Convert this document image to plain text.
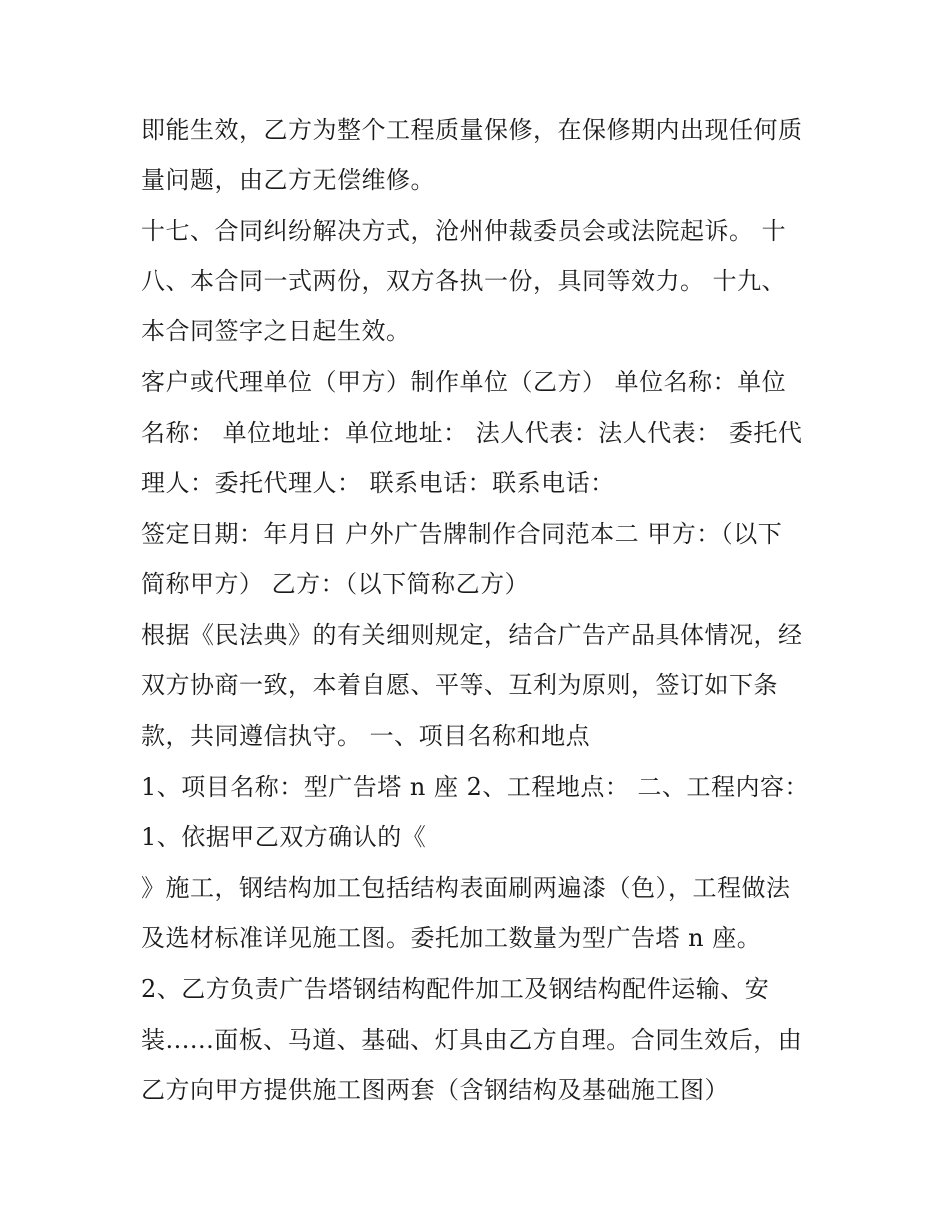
即能生效，乙方为整个工程质量保修，在保修期内出现任何质
量问题，由乙方无偿维修。
十七、合同纠纷解决方式，沧州仲裁委员会或法院起诉。 十
八、本合同一式两份，双方各执一份，具同等效力。 十九、
本合同签字之日起生效。
客户或代理单位（甲方）制作单位（乙方） 单位名称：单位
名称： 单位地址：单位地址： 法人代表：法人代表： 委托代
理人：委托代理人： 联系电话：联系电话：
签定日期：年月日 户外广告牌制作合同范本二 甲方：（以下
简称甲方） 乙方：（以下简称乙方）
根据《民法典》的有关细则规定，结合广告产品具体情况，经
双方协商一致，本着自愿、平等、互利为原则，签订如下条
款，共同遵信执守。 一、项目名称和地点
1、项目名称：型广告塔 n 座 2、工程地点： 二、工程内容：
1、依据甲乙双方确认的《
》施工，钢结构加工包括结构表面刷两遍漆（色），工程做法
及选材标准详见施工图。委托加工数量为型广告塔 n 座。
2、乙方负责广告塔钢结构配件加工及钢结构配件运输、安
装......面板、马道、基础、灯具由乙方自理。合同生效后，由
乙方向甲方提供施工图两套（含钢结构及基础施工图）
